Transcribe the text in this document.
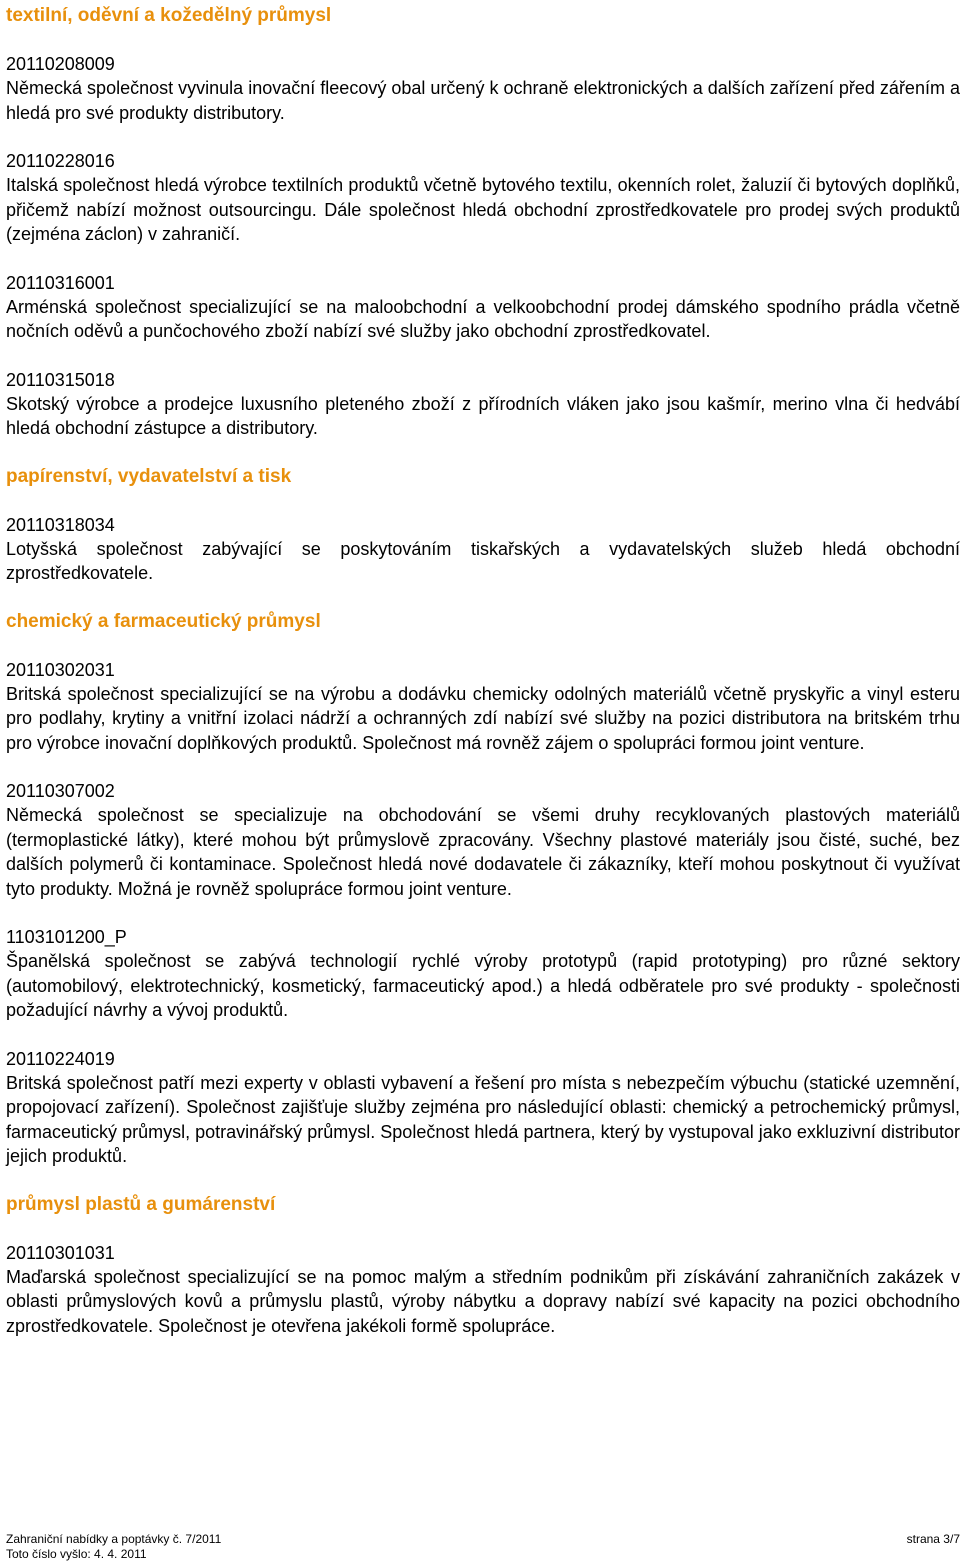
textilní, oděvní a kožedělný průmysl
20110208009

Německá společnost vyvinula inovační fleecový obal určený k ochraně elektronických a dalších zařízení před zářením a hledá pro své produkty distributory.

20110228016

Italská společnost hledá výrobce textilních produktů včetně bytového textilu, okenních rolet, žaluzií či bytových doplňků, přičemž nabízí možnost outsourcingu. Dále společnost hledá obchodní zprostředkovatele pro prodej svých produktů (zejména záclon) v zahraničí.

20110316001

Arménská společnost specializující se na maloobchodní a velkoobchodní prodej dámského spodního prádla včetně nočních oděvů a punčochového zboží nabízí své služby jako obchodní zprostředkovatel.

20110315018

Skotský výrobce a prodejce luxusního pleteného zboží z přírodních vláken jako jsou kašmír, merino vlna či hedvábí hledá obchodní zástupce a distributory.

papírenství, vydavatelství a tisk
20110318034

Lotyšská společnost zabývající se poskytováním tiskařských a vydavatelských služeb hledá obchodní zprostředkovatele.

chemický a farmaceutický průmysl
20110302031

Britská společnost specializující se na výrobu a dodávku chemicky odolných materiálů včetně pryskyřic a vinyl esteru pro podlahy, krytiny a vnitřní izolaci nádrží a ochranných zdí nabízí své služby na pozici distributora na britském trhu pro výrobce inovační doplňkových produktů. Společnost má rovněž zájem o spolupráci formou joint venture.

20110307002

Německá společnost se specializuje na obchodování se všemi druhy recyklovaných plastových materiálů (termoplastické látky), které mohou být průmyslově zpracovány. Všechny plastové materiály jsou čisté, suché, bez dalších polymerů či kontaminace. Společnost hledá nové dodavatele či zákazníky, kteří mohou poskytnout či využívat tyto produkty. Možná je rovněž spolupráce formou joint venture.

1103101200_P

Španělská společnost se zabývá technologií rychlé výroby prototypů (rapid prototyping) pro různé sektory (automobilový, elektrotechnický, kosmetický, farmaceutický apod.) a hledá odběratele pro své produkty - společnosti požadující návrhy a vývoj produktů.

20110224019

Britská společnost patří mezi experty v oblasti vybavení a řešení pro místa s nebezpečím výbuchu (statické uzemnění, propojovací zařízení). Společnost zajišťuje služby zejména pro následující oblasti: chemický a petrochemický průmysl, farmaceutický průmysl, potravinářský průmysl. Společnost hledá partnera, který by vystupoval jako exkluzivní distributor jejich produktů.

průmysl plastů a gumárenství
20110301031

Maďarská společnost specializující se na pomoc malým a středním podnikům při získávání zahraničních zakázek v oblasti průmyslových kovů a průmyslu plastů, výroby nábytku a dopravy nabízí své kapacity na pozici obchodního zprostředkovatele. Společnost je otevřena jakékoli formě spolupráce.

Zahraniční nabídky a poptávky č. 7/2011
Toto číslo vyšlo: 4. 4. 2011
strana 3/7
